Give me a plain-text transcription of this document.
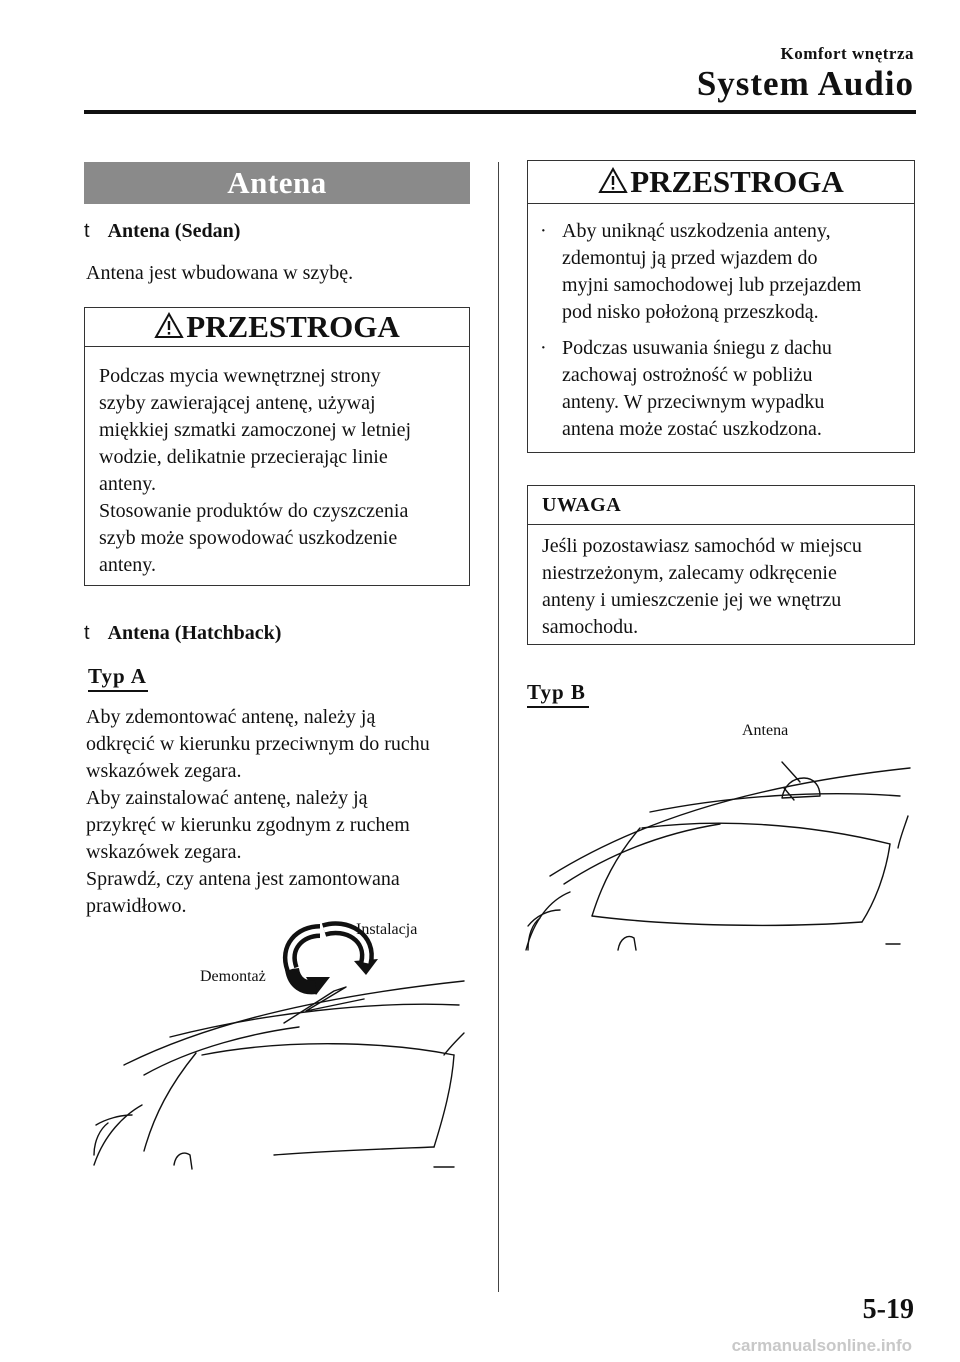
Komfort wnętrza
System Audio
Antena
t Antena (Sedan)
Antena jest wbudowana w szybę.
PRZESTROGA
Podczas mycia wewnętrznej strony
szyby zawierającej antenę, używaj
miękkiej szmatki zamoczonej w letniej
wodzie, delikatnie przecierając linie
anteny.
Stosowanie produktów do czyszczenia
szyb może spowodować uszkodzenie
anteny.
t Antena (Hatchback)
Typ A
Aby zdemontować antenę, należy ją
odkręcić w kierunku przeciwnym do ruchu
wskazówek zegara.
Aby zainstalować antenę, należy ją
przykręć w kierunku zgodnym z ruchem
wskazówek zegara.
Sprawdź, czy antena jest zamontowana
prawidłowo.
Instalacja
Demontaż
PRZESTROGA
· Aby uniknąć uszkodzenia anteny,
zdemontuj ją przed wjazdem do
myjni samochodowej lub przejazdem
pod nisko położoną przeszkodą.
· Podczas usuwania śniegu z dachu
zachowaj ostrożność w pobliżu
anteny. W przeciwnym wypadku
antena może zostać uszkodzona.
UWAGA
Jeśli pozostawiasz samochód w miejscu
niestrzeżonym, zalecamy odkręcenie
anteny i umieszczenie jej we wnętrzu
samochodu.
Typ B
Antena
5-19
carmanualsonline.info
